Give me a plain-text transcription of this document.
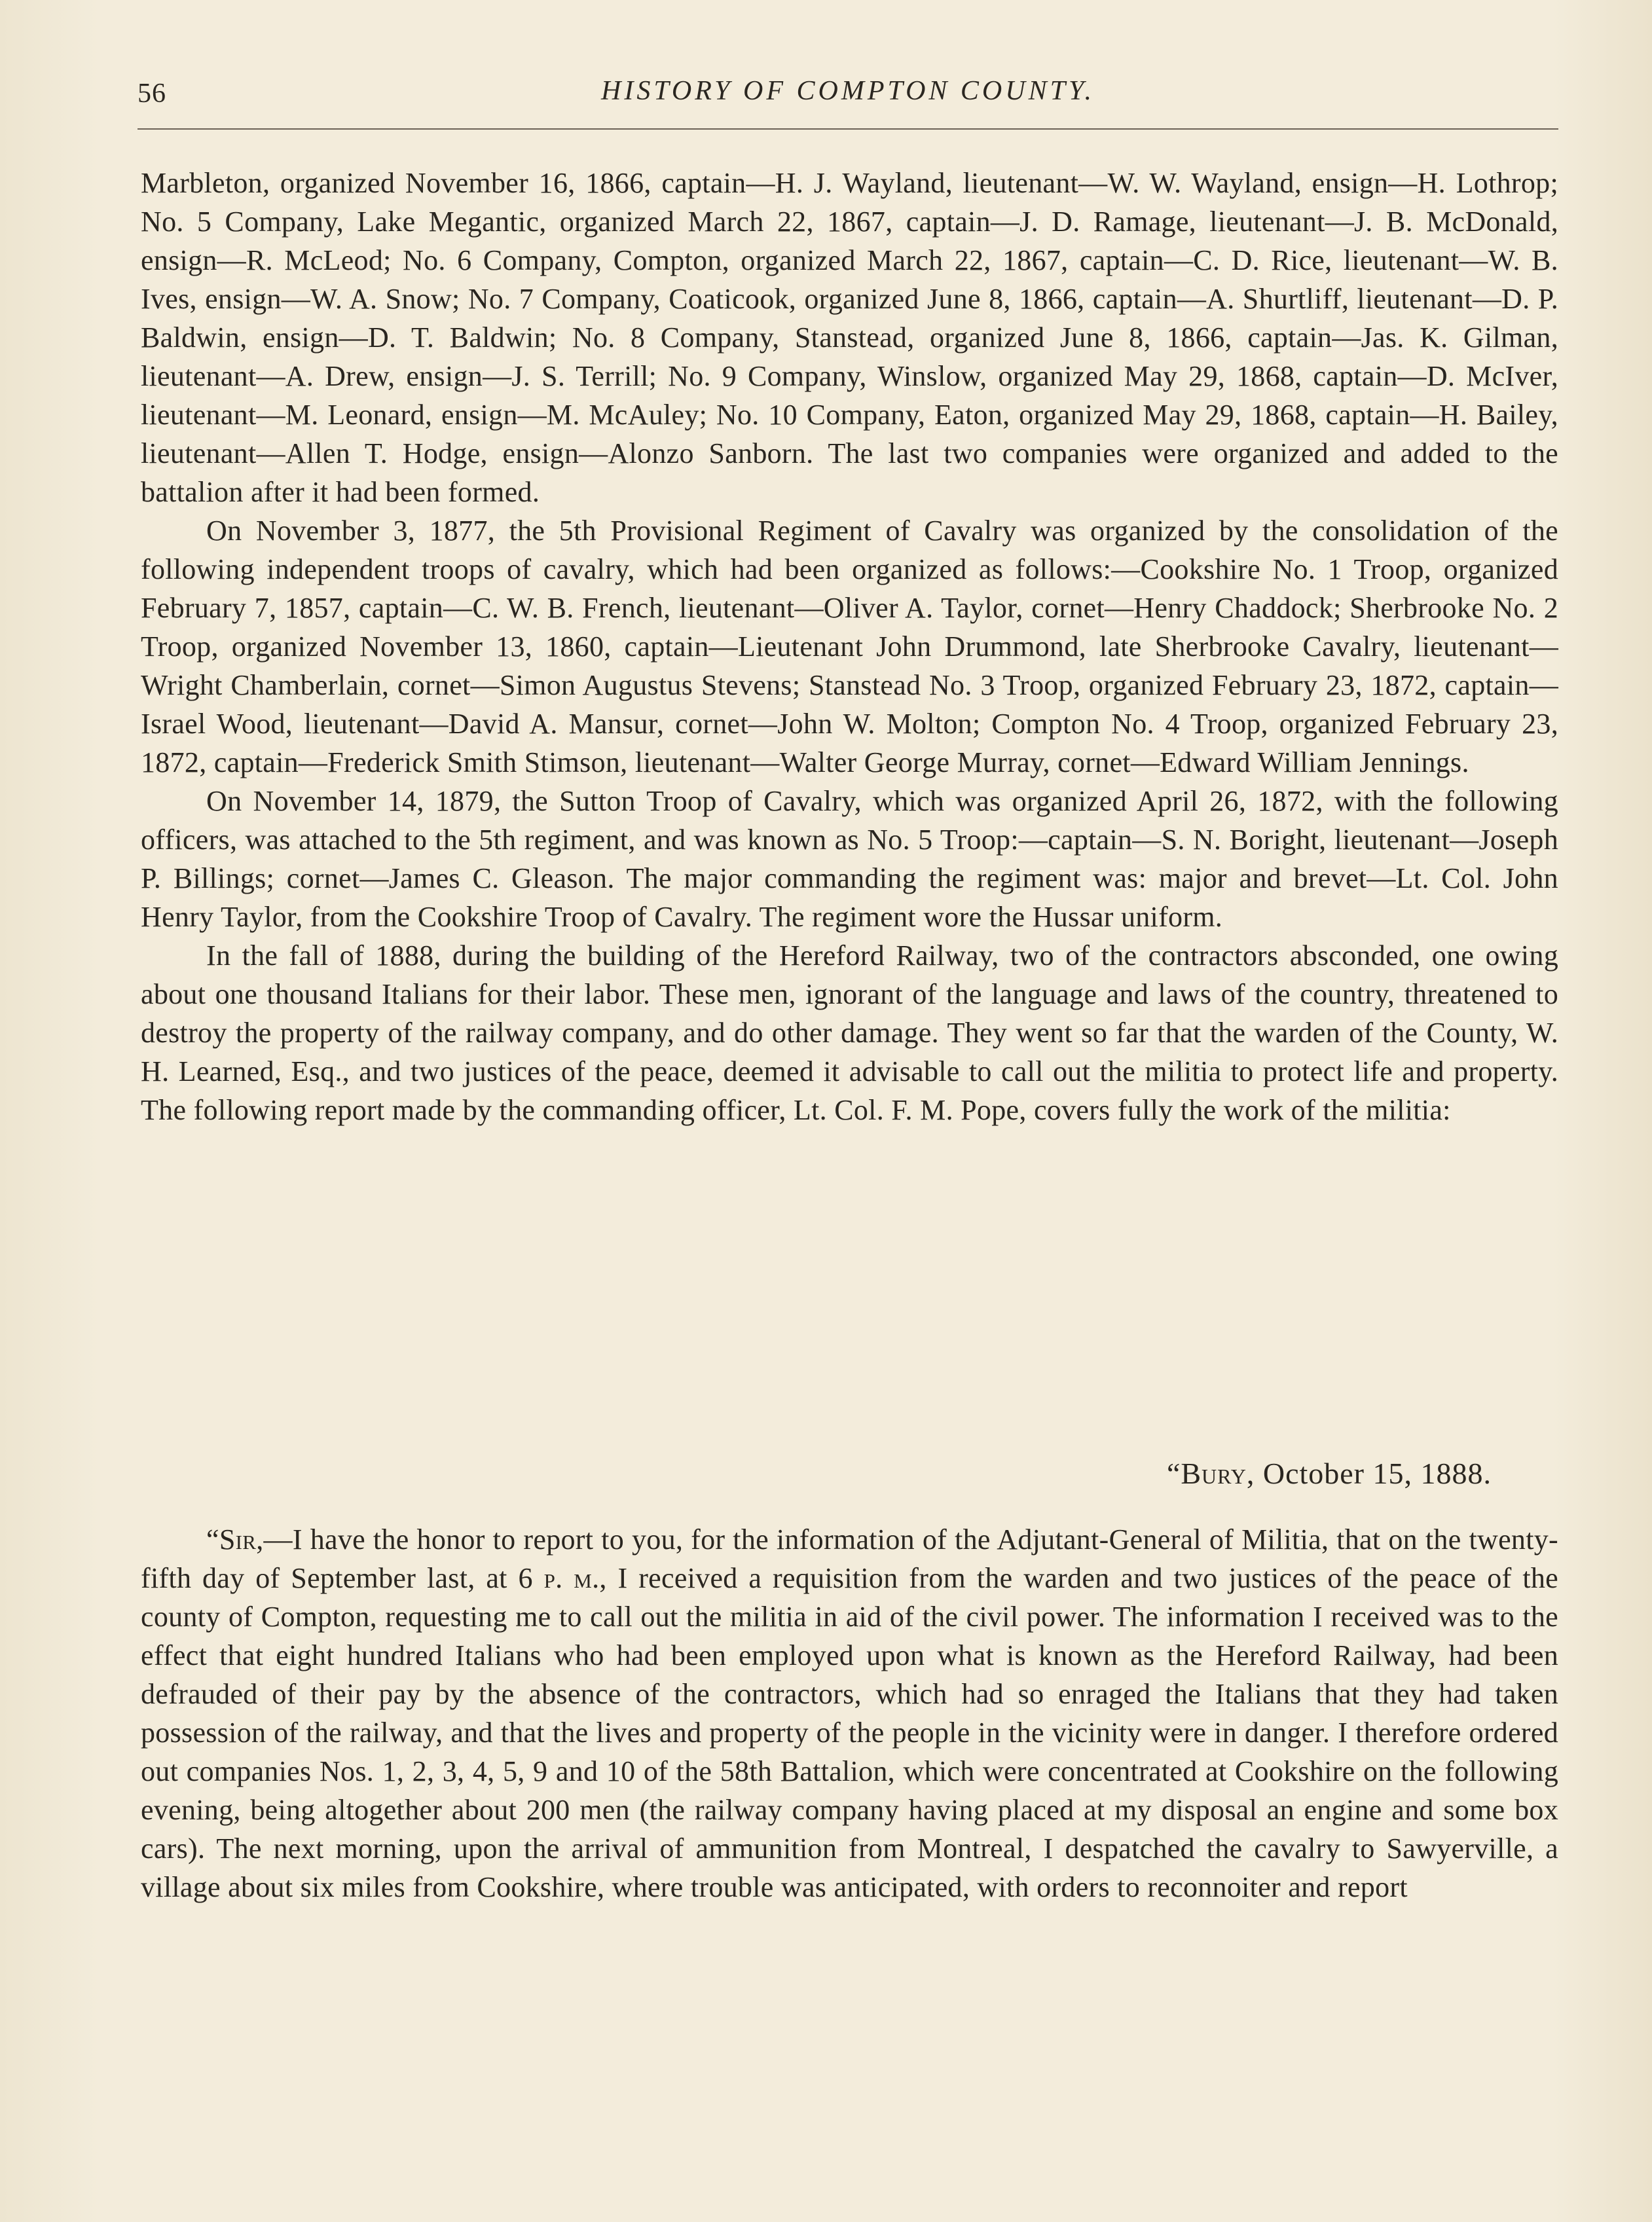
56	HISTORY OF COMPTON COUNTY.

Marbleton, organized November 16, 1866, captain—H. J. Wayland, lieutenant—W. W. Wayland, ensign—H. Lothrop; No. 5 Company, Lake Megantic, organized March 22, 1867, captain—J. D. Ramage, lieutenant—J. B. McDonald, ensign—R. McLeod; No. 6 Company, Compton, organized March 22, 1867, captain—C. D. Rice, lieutenant—W. B. Ives, ensign—W. A. Snow; No. 7 Company, Coaticook, organized June 8, 1866, captain—A. Shurtliff, lieutenant—D. P. Baldwin, ensign—D. T. Baldwin; No. 8 Company, Stanstead, organized June 8, 1866, captain—Jas. K. Gilman, lieutenant—A. Drew, ensign—J. S. Terrill; No. 9 Company, Winslow, organized May 29, 1868, captain—D. McIver, lieutenant—M. Leonard, ensign—M. McAuley; No. 10 Company, Eaton, organized May 29, 1868, captain—H. Bailey, lieutenant—Allen T. Hodge, ensign—Alonzo Sanborn. The last two companies were organized and added to the battalion after it had been formed.

On November 3, 1877, the 5th Provisional Regiment of Cavalry was organized by the consolidation of the following independent troops of cavalry, which had been organized as follows:—Cookshire No. 1 Troop, organized February 7, 1857, captain—C. W. B. French, lieutenant—Oliver A. Taylor, cornet—Henry Chaddock; Sherbrooke No. 2 Troop, organized November 13, 1860, captain—Lieutenant John Drummond, late Sherbrooke Cavalry, lieutenant—Wright Chamberlain, cornet—Simon Augustus Stevens; Stanstead No. 3 Troop, organized February 23, 1872, captain—Israel Wood, lieutenant—David A. Mansur, cornet—John W. Molton; Compton No. 4 Troop, organized February 23, 1872, captain—Frederick Smith Stimson, lieutenant—Walter George Murray, cornet—Edward William Jennings.

On November 14, 1879, the Sutton Troop of Cavalry, which was organized April 26, 1872, with the following officers, was attached to the 5th regiment, and was known as No. 5 Troop:—captain—S. N. Boright, lieutenant—Joseph P. Billings; cornet—James C. Gleason. The major commanding the regiment was: major and brevet—Lt. Col. John Henry Taylor, from the Cookshire Troop of Cavalry. The regiment wore the Hussar uniform.

In the fall of 1888, during the building of the Hereford Railway, two of the contractors absconded, one owing about one thousand Italians for their labor. These men, ignorant of the language and laws of the country, threatened to destroy the property of the railway company, and do other damage. They went so far that the warden of the County, W. H. Learned, Esq., and two justices of the peace, deemed it advisable to call out the militia to protect life and property. The following report made by the commanding officer, Lt. Col. F. M. Pope, covers fully the work of the militia:

“Bury, October 15, 1888.

“Sir,—I have the honor to report to you, for the information of the Adjutant-General of Militia, that on the twenty-fifth day of September last, at 6 p. m., I received a requisition from the warden and two justices of the peace of the county of Compton, requesting me to call out the militia in aid of the civil power. The information I received was to the effect that eight hundred Italians who had been employed upon what is known as the Hereford Railway, had been defrauded of their pay by the absence of the contractors, which had so enraged the Italians that they had taken possession of the railway, and that the lives and property of the people in the vicinity were in danger. I therefore ordered out companies Nos. 1, 2, 3, 4, 5, 9 and 10 of the 58th Battalion, which were concentrated at Cookshire on the following evening, being altogether about 200 men (the railway company having placed at my disposal an engine and some box cars). The next morning, upon the arrival of ammunition from Montreal, I despatched the cavalry to Sawyerville, a village about six miles from Cookshire, where trouble was anticipated, with orders to reconnoiter and report
